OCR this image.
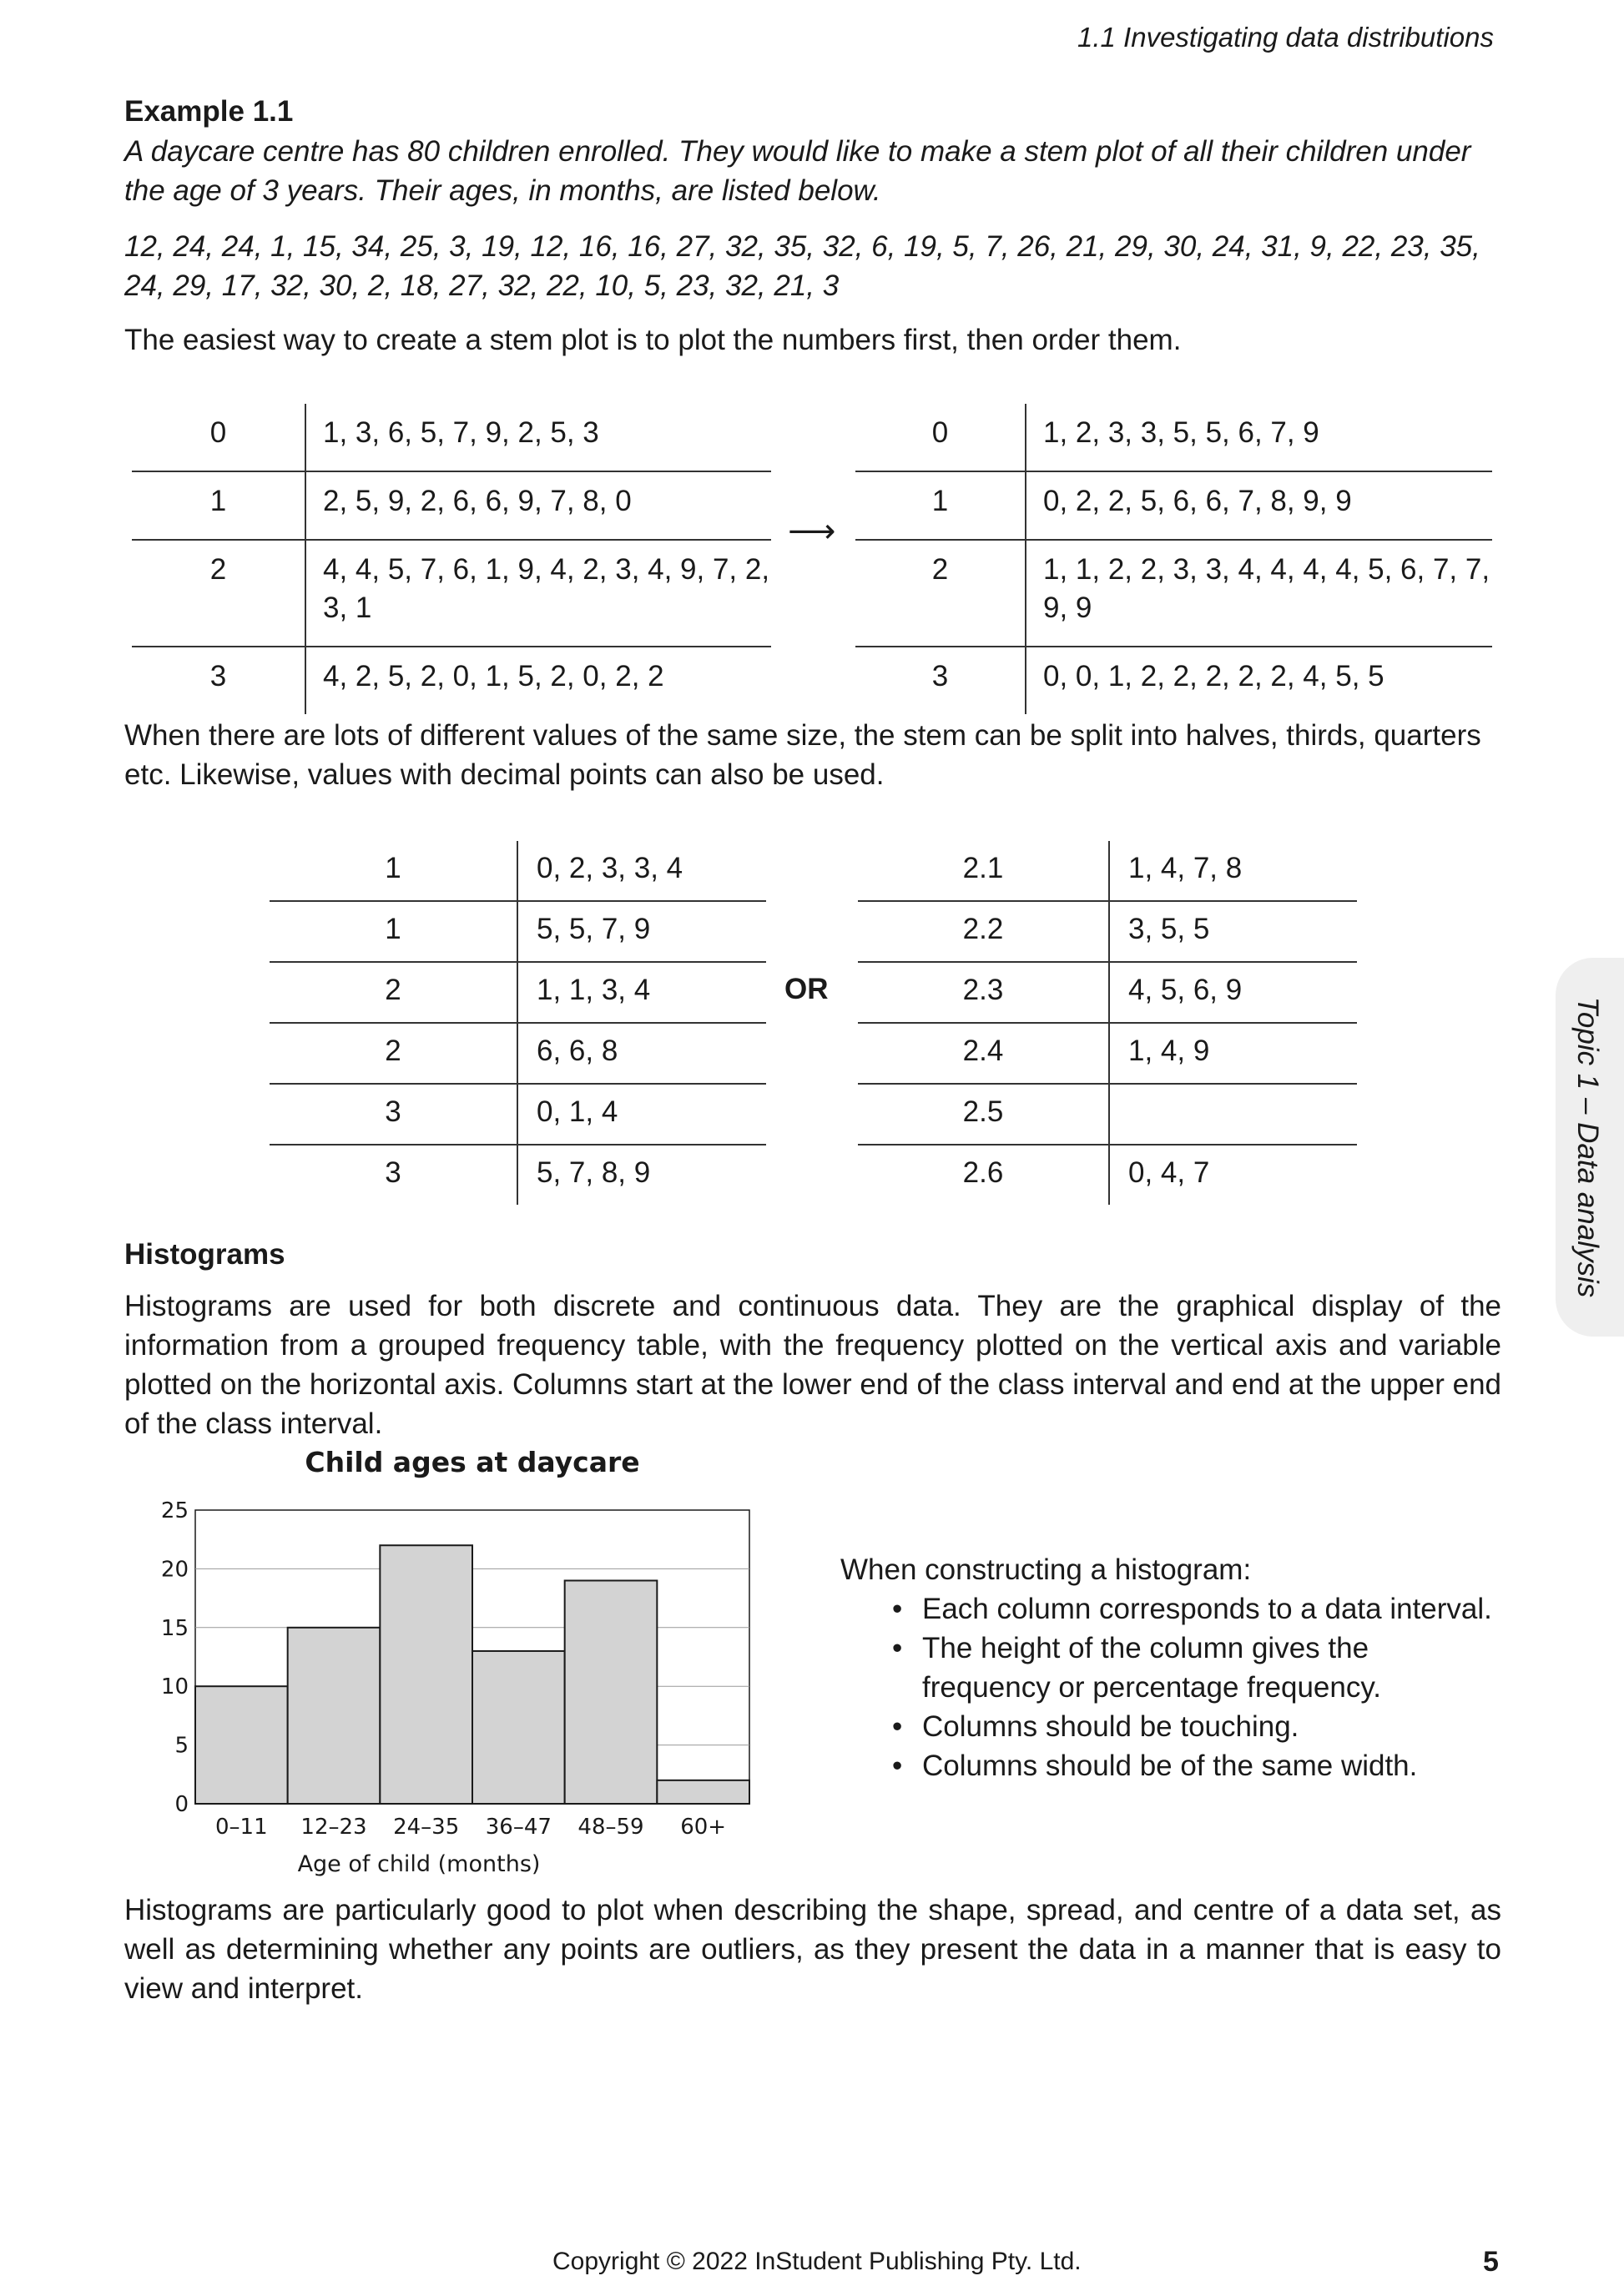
1.1 Investigating data distributions
Example 1.1
A daycare centre has 80 children enrolled. They would like to make a stem plot of all their children under the age of 3 years. Their ages, in months, are listed below.
12, 24, 24, 1, 15, 34, 25, 3, 19, 12, 16, 16, 27, 32, 35, 32, 6, 19, 5, 7, 26, 21, 29, 30, 24, 31, 9, 22, 23, 35, 24, 29, 17, 32, 30, 2, 18, 27, 32, 22, 10, 5, 23, 32, 21, 3
The easiest way to create a stem plot is to plot the numbers first, then order them.
0	1, 3, 6, 5, 7, 9, 2, 5, 3
1	2, 5, 9, 2, 6, 6, 9, 7, 8, 0
2	4, 4, 5, 7, 6, 1, 9, 4, 2, 3, 4, 9, 7, 2, 3, 1
3	4, 2, 5, 2, 0, 1, 5, 2, 0, 2, 2
⟶
0	1, 2, 3, 3, 5, 5, 6, 7, 9
1	0, 2, 2, 5, 6, 6, 7, 8, 9, 9
2	1, 1, 2, 2, 3, 3, 4, 4, 4, 4, 5, 6, 7, 7, 9, 9
3	0, 0, 1, 2, 2, 2, 2, 2, 4, 5, 5
When there are lots of different values of the same size, the stem can be split into halves, thirds, quarters etc. Likewise, values with decimal points can also be used.
1	0, 2, 3, 3, 4
1	5, 5, 7, 9
2	1, 1, 3, 4
2	6, 6, 8
3	0, 1, 4
3	5, 7, 8, 9
OR
2.1	1, 4, 7, 8
2.2	3, 5, 5
2.3	4, 5, 6, 9
2.4	1, 4, 9
2.5	
2.6	0, 4, 7	Topic 1 – Data analysis
Histograms
Histograms are used for both discrete and continuous data. They are the graphical display of the information from a grouped frequency table, with the frequency plotted on the vertical axis and variable plotted on the horizontal axis. Columns start at the lower end of the class interval and end at the upper end of the class interval.
Child ages at daycare
0
5
10
15
20
25
0–11 12–23 24–35 36–47 48–59 60+
Age of child (months)
When constructing a histogram:
• Each column corresponds to a data interval.
• The height of the column gives the frequency or percentage frequency.
• Columns should be touching.
• Columns should be of the same width.
Histograms are particularly good to plot when describing the shape, spread, and centre of a data set, as well as determining whether any points are outliers, as they present the data in a manner that is easy to view and interpret.
Copyright © 2022 InStudent Publishing Pty. Ltd.	5
